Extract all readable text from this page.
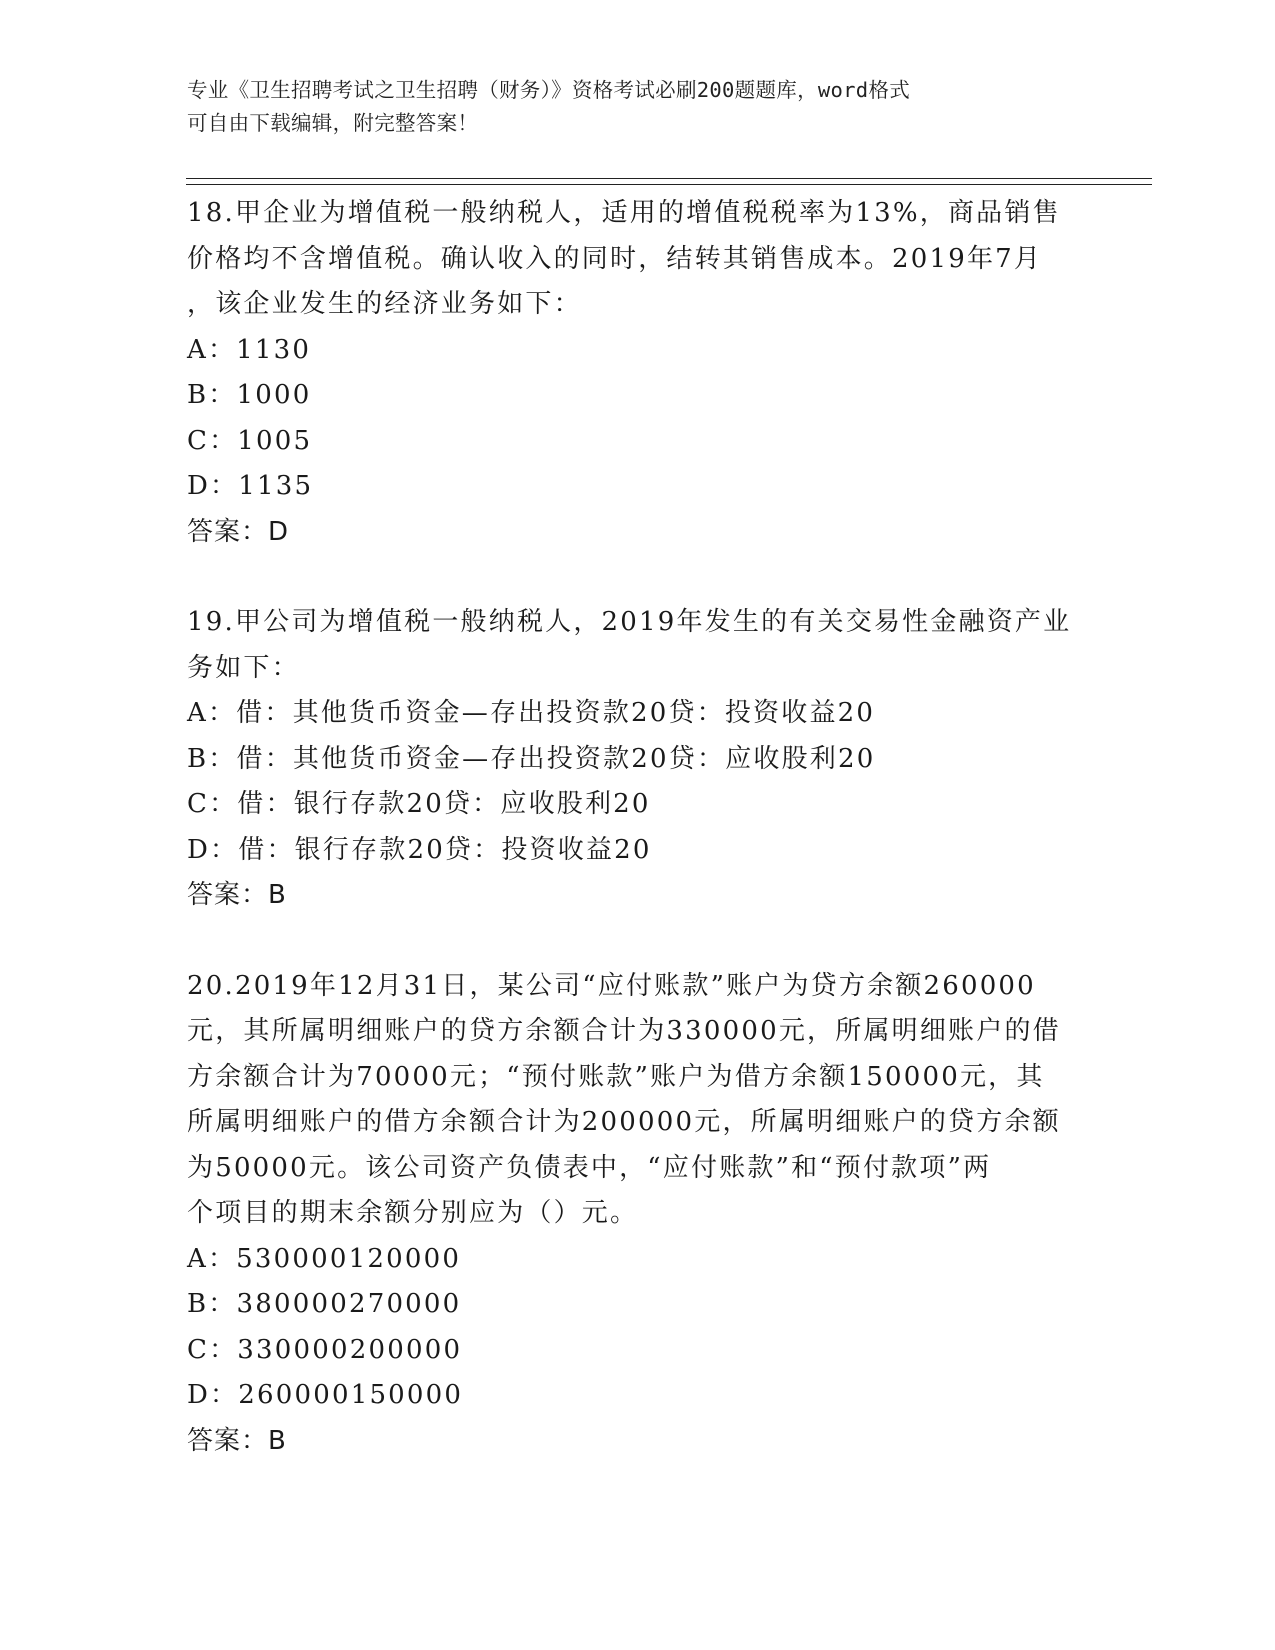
专业《卫生招聘考试之卫生招聘（财务）》资格考试必刷200题题库，word格式
可自由下载编辑，附完整答案！
18.甲企业为增值税一般纳税人，适用的增值税税率为13%，商品销售
价格均不含增值税。确认收入的同时，结转其销售成本。2019年7月
，该企业发生的经济业务如下：
A：1130
B：1000
C：1005
D：1135
答案：D
19.甲公司为增值税一般纳税人，2019年发生的有关交易性金融资产业
务如下：
A：借：其他货币资金—存出投资款20贷：投资收益20
B：借：其他货币资金—存出投资款20贷：应收股利20
C：借：银行存款20贷：应收股利20
D：借：银行存款20贷：投资收益20
答案：B
20.2019年12月31日，某公司“应付账款”账户为贷方余额260000
元，其所属明细账户的贷方余额合计为330000元，所属明细账户的借
方余额合计为70000元；“预付账款”账户为借方余额150000元，其
所属明细账户的借方余额合计为200000元，所属明细账户的贷方余额
为50000元。该公司资产负债表中，“应付账款”和“预付款项”两
个项目的期末余额分别应为（）元。
A：530000120000
B：380000270000
C：330000200000
D：260000150000
答案：B
